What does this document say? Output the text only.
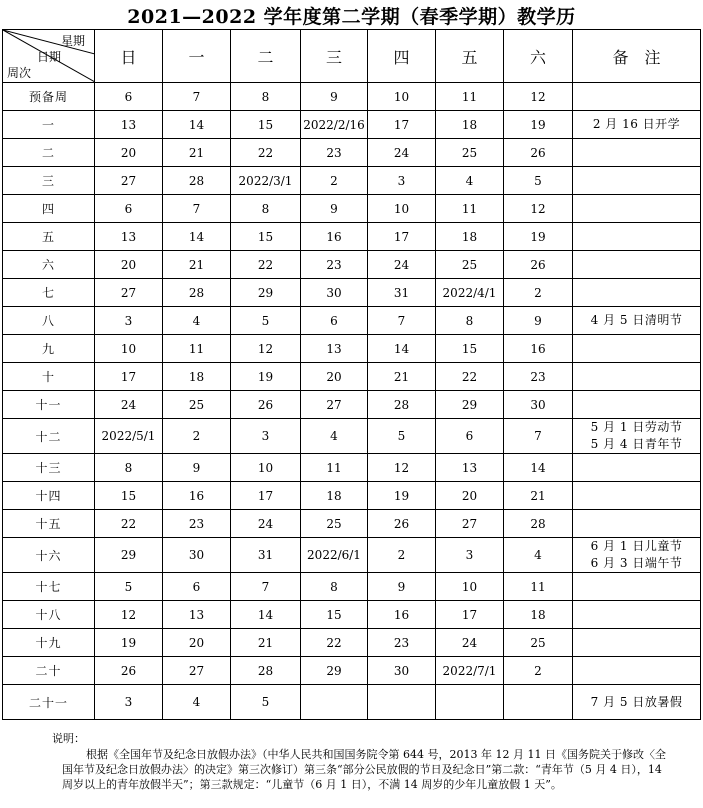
2021—2022 学年度第二学期（春季学期）教学历
星期
日期
周次	日	一	二	三	四	五	六	备　注
预备周	6	7	8	9	10	11	12	
一	13	14	15	2022/2/16	17	18	19	2 月 16 日开学

二	20	21	22	23	24	25	26	
三	27	28	2022/3/1	2	3	4	5	
四	6	7	8	9	10	11	12	
五	13	14	15	16	17	18	19	
六	20	21	22	23	24	25	26	
七	27	28	29	30	31	2022/4/1	2	
八	3	4	5	6	7	8	9	4 月 5 日清明节

九	10	11	12	13	14	15	16	
十	17	18	19	20	21	22	23	
十一	24	25	26	27	28	29	30	
十二	2022/5/1	2	3	4	5	6	7	5 月 1 日劳动节
5 月 4 日青年节

十三	8	9	10	11	12	13	14	
十四	15	16	17	18	19	20	21	
十五	22	23	24	25	26	27	28	
十六	29	30	31	2022/6/1	2	3	4	6 月 1 日儿童节
6 月 3 日端午节

十七	5	6	7	8	9	10	11	
十八	12	13	14	15	16	17	18	
十九	19	20	21	22	23	24	25	
二十	26	27	28	29	30	2022/7/1	2	
二十一	3	4	5					7 月 5 日放暑假
说明：
根据《全国年节及纪念日放假办法》（中华人民共和国国务院令第 644 号，2013 年 12 月 11 日《国务院关于修改〈全国年节及纪念日放假办法〉的决定》第三次修订）第三条“部分公民放假的节日及纪念日”第二款：“青年节（5 月 4 日），14 周岁以上的青年放假半天”；第三款规定：“儿童节（6 月 1 日），不满 14 周岁的少年儿童放假 1 天”。
